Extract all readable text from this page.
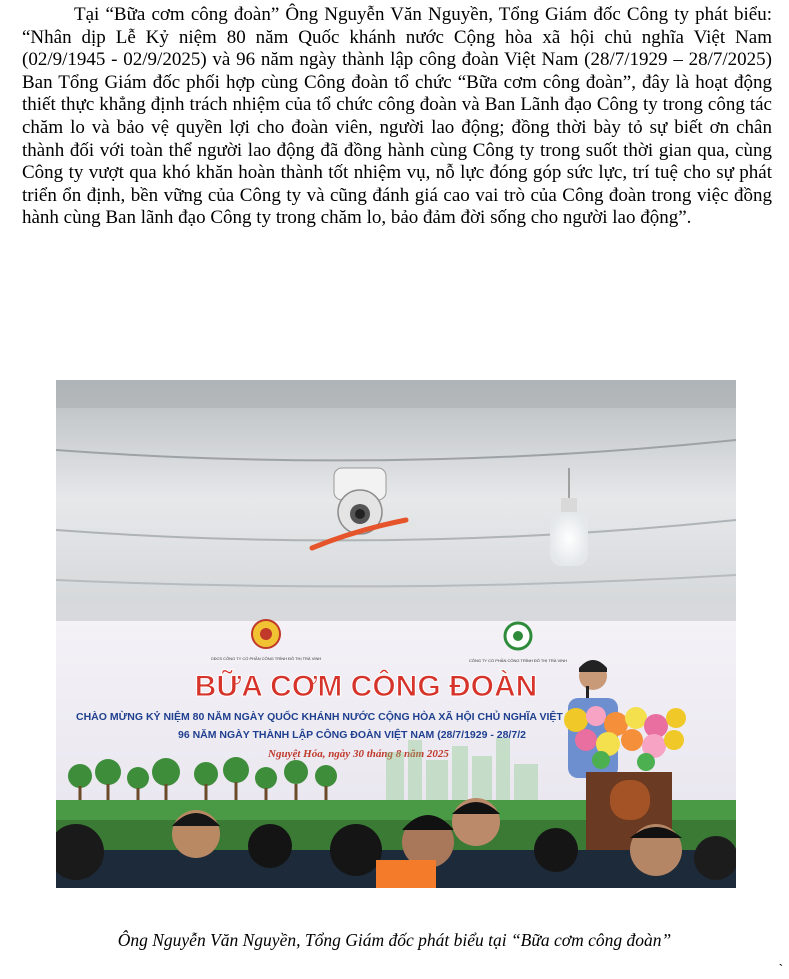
Tại “Bữa cơm công đoàn” Ông Nguyễn Văn Nguyền, Tổng Giám đốc Công ty phát biểu: “Nhân dịp Lễ Kỷ niệm 80 năm Quốc khánh nước Cộng hòa xã hội chủ nghĩa Việt Nam (02/9/1945 - 02/9/2025) và 96 năm ngày thành lập công đoàn Việt Nam (28/7/1929 – 28/7/2025) Ban Tổng Giám đốc phối hợp cùng Công đoàn tổ chức “Bữa cơm công đoàn”, đây là hoạt động thiết thực khẳng định trách nhiệm của tổ chức công đoàn và Ban Lãnh đạo Công ty trong công tác chăm lo và bảo vệ quyền lợi cho đoàn viên, người lao động; đồng thời bày tỏ sự biết ơn chân thành đối với toàn thể người lao động đã đồng hành cùng Công ty trong suốt thời gian qua, cùng Công ty vượt qua khó khăn hoàn thành tốt nhiệm vụ, nỗ lực đóng góp sức lực, trí tuệ cho sự phát triển ổn định, bền vững của Công ty và cũng đánh giá cao vai trò của Công đoàn trong việc đồng hành cùng Ban lãnh đạo Công ty trong chăm lo, bảo đảm đời sống cho người lao động”.

CĐCS CÔNG TY CỔ PHẦN CÔNG TRÌNH ĐÔ THỊ TRÀ VINH	CÔNG TY CỔ PHẦN CÔNG TRÌNH ĐÔ THỊ TRÀ VINH
BỮA CƠM CÔNG ĐOÀN
CHÀO MỪNG KỶ NIỆM 80 NĂM NGÀY QUỐC KHÁNH NƯỚC CỘNG HÒA XÃ HỘI CHỦ NGHĨA VIỆT
96 NĂM NGÀY THÀNH LẬP CÔNG ĐOÀN VIỆT NAM (28/7/1929 - 28/7/2
Nguyệt Hóa, ngày 30 tháng 8 năm 2025

Ông Nguyễn Văn Nguyền, Tổng Giám đốc phát biểu tại “Bữa cơm công đoàn”
